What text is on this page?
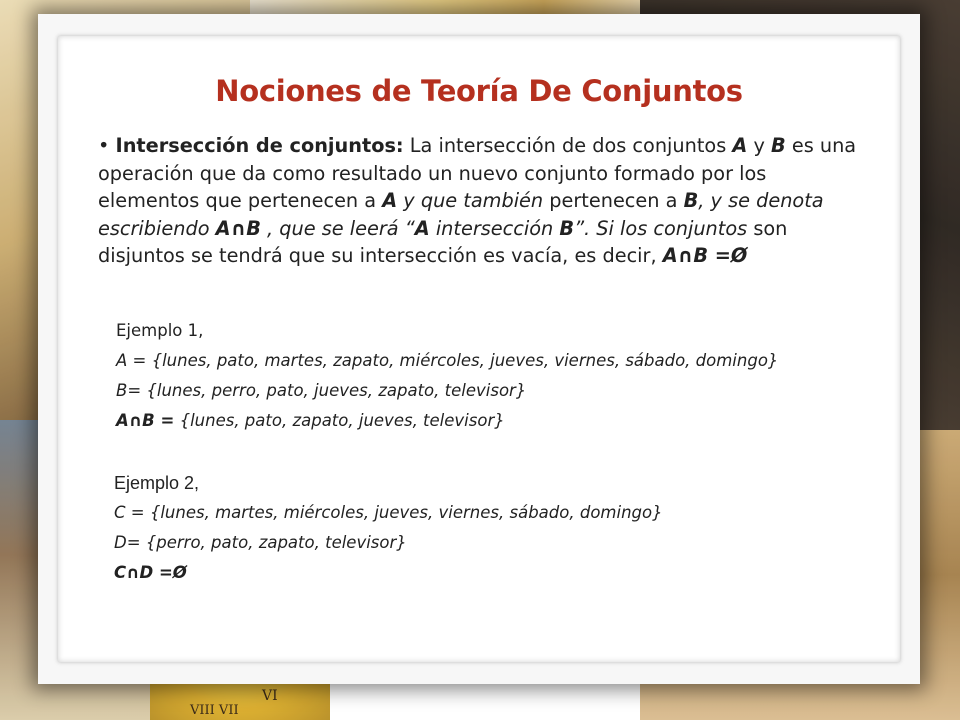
VI
VIII VII
Nociones de Teoría De Conjuntos
• Intersección de conjuntos: La intersección de dos conjuntos A y B es una operación que da como resultado un nuevo conjunto formado por los elementos que pertenecen a A y que también pertenecen a B, y se denota escribiendo A∩B , que se leerá “A intersección B”. Si los conjuntos son disjuntos se tendrá que su intersección es vacía, es decir, A∩B =Ø
Ejemplo 1,
A = {lunes, pato, martes, zapato, miércoles, jueves, viernes, sábado, domingo}
B= {lunes, perro, pato, jueves, zapato, televisor}
A∩B = {lunes, pato, zapato, jueves, televisor}
Ejemplo 2,
C = {lunes, martes, miércoles, jueves, viernes, sábado, domingo}
D= {perro, pato, zapato, televisor}
C∩D =Ø
